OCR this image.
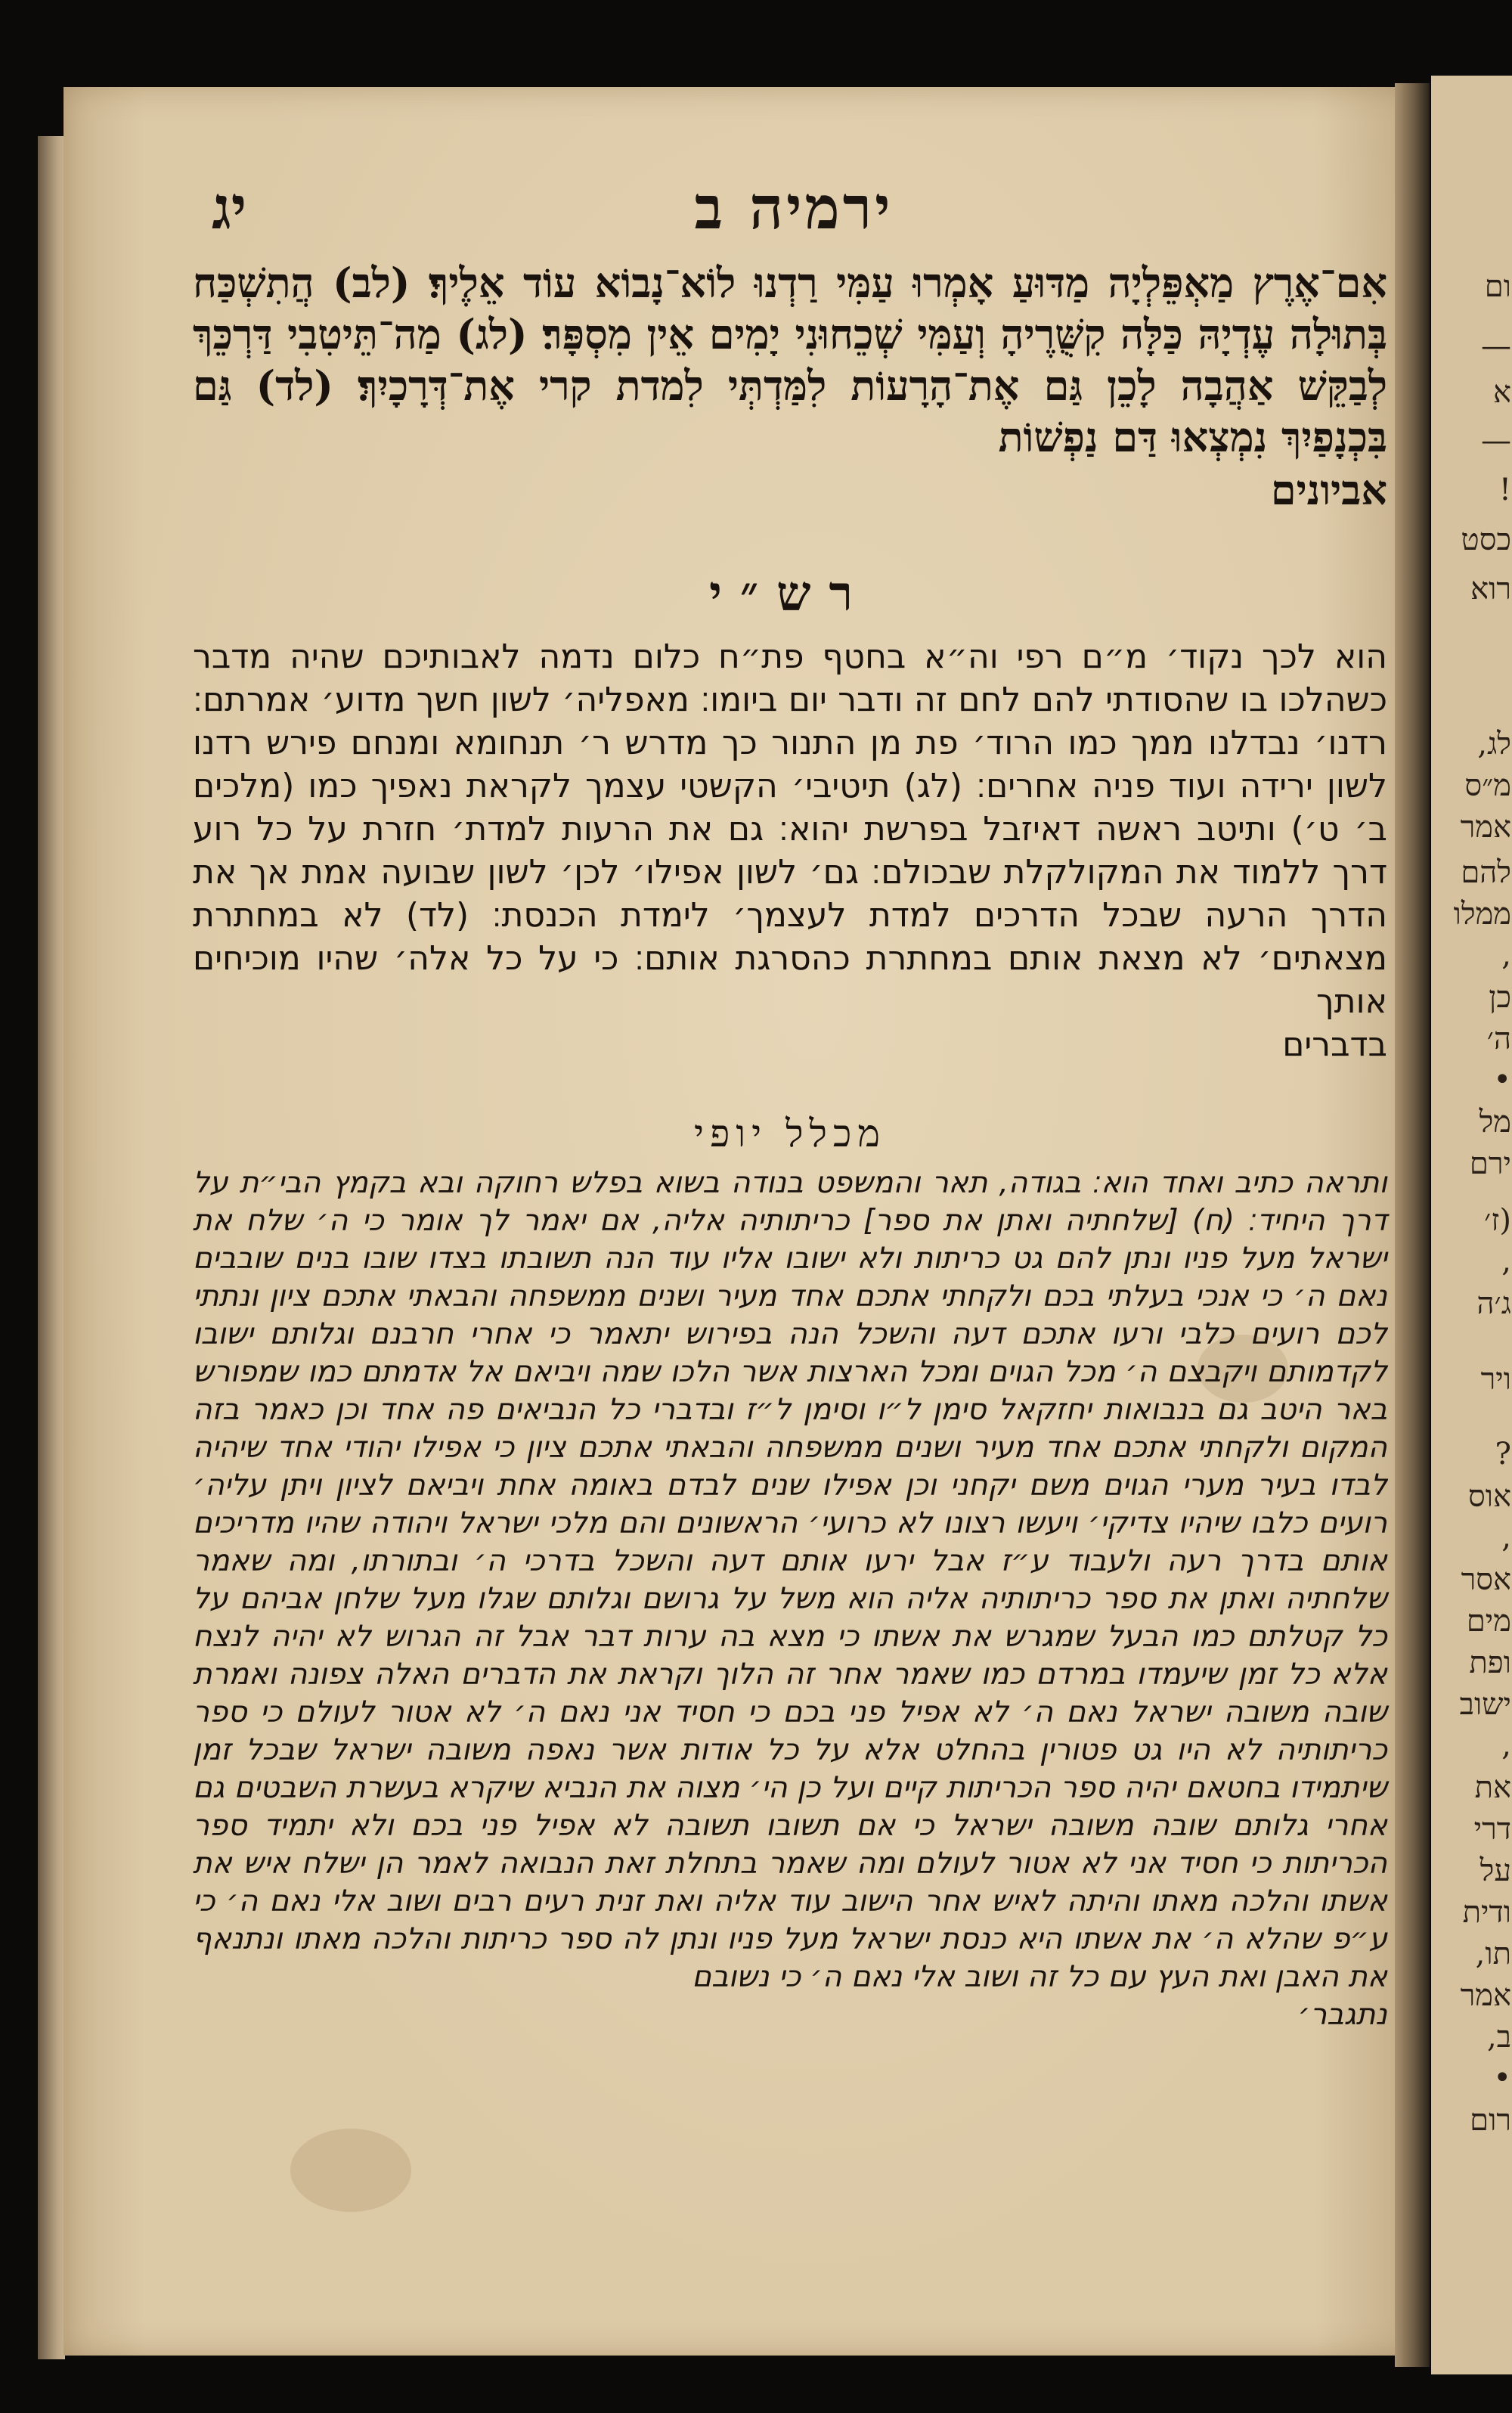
ום
—
א
—
!
כסט
רוא
לג,
מ״ס
אמר
להם
ממלו
,
כן
ה׳
•
מל
ירם
(ז׳
,
ג׳ה
ויר
?
אוס
,
אסר
מים
ופת
ישוב
,
את
דרי
על
ודית
תו,
אמר
ב,
•
רום
יג	ירמיה ב

אִם־אֶרֶץ מַאְפֵּלְיָה מַדּוּעַ אָמְרוּ עַמִּי רַדְנוּ לוֹא־נָבוֹא עוֹד אֵלֶיךָ׃ (לב) הֲתִשְׁכַּח בְּתוּלָה עֶדְיָהּ כַּלָּה קִשֻּׁרֶיהָ וְעַמִּי שְׁכֵחוּנִי יָמִים אֵין מִסְפָּר׃ (לג) מַה־תֵּיטִבִי דַּרְכֵּךְ לְבַקֵּשׁ אַהֲבָה לָכֵן גַּם אֶת־הָרָעוֹת לִמַּדְתְּי לִמדת קרי אֶת־דְּרָכָיִךְ׃ (לד) גַּם בִּכְנָפַיִךְ נִמְצְאוּ דַּם נַפְשׁוֹת

אביונים
רש״י
הוא לכך נקוד׳ מ״ם רפי וה״א בחטף פת״ח כלום נדמה לאבותיכם שהיה מדבר כשהלכו בו שהסודתי להם לחם זה ודבר יום ביומו׃ מאפליה׳ לשון חשך מדוע׳ אמרתם׃ רדנו׳ נבדלנו ממך כמו הרוד׳ פת מן התנור כך מדרש ר׳ תנחומא ומנחם פירש רדנו לשון ירידה ועוד פניה אחרים׃ (לג) תיטיבי׳ הקשטי עצמך לקראת נאפיך כמו (מלכים ב׳ ט׳) ותיטב ראשה דאיזבל בפרשת יהוא׃ גם את הרעות למדת׳ חזרת על כל רוע דרך ללמוד את המקולקלת שבכולם׃ גם׳ לשון אפילו׳ לכן׳ לשון שבועה אמת אך את הדרך הרעה שבכל הדרכים למדת לעצמך׳ לימדת הכנסת׃ (לד) לא במחתרת מצאתים׳ לא מצאת אותם במחתרת כהסרגת אותם׃ כי על כל אלה׳ שהיו מוכיחים אותך
בדברים
מכלל יופי
ותראה כתיב ואחד הוא׃ בגודה, תאר והמשפט בנודה בשוא בפלש רחוקה ובא בקמץ הבי״ת על דרך היחיד׃ (ח) [שלחתיה ואתן את ספר] כריתותיה אליה, אם יאמר לך אומר כי ה׳ שלח את ישראל מעל פניו ונתן להם גט כריתות ולא ישובו אליו עוד הנה תשובתו בצדו שובו בנים שובבים נאם ה׳ כי אנכי בעלתי בכם ולקחתי אתכם אחד מעיר ושנים ממשפחה והבאתי אתכם ציון ונתתי לכם רועים כלבי ורעו אתכם דעה והשכל הנה בפירוש יתאמר כי אחרי חרבנם וגלותם ישובו לקדמותם ויקבצם ה׳ מכל הגוים ומכל הארצות אשר הלכו שמה ויביאם אל אדמתם כמו שמפורש באר היטב גם בנבואות יחזקאל סימן ל״ו וסימן ל״ז ובדברי כל הנביאים פה אחד וכן כאמר בזה המקום ולקחתי אתכם אחד מעיר ושנים ממשפחה והבאתי אתכם ציון כי אפילו יהודי אחד שיהיה לבדו בעיר מערי הגוים משם יקחני וכן אפילו שנים לבדם באומה אחת ויביאם לציון ויתן עליה׳ רועים כלבו שיהיו צדיקי׳ ויעשו רצונו לא כרועי׳ הראשונים והם מלכי ישראל ויהודה שהיו מדריכים אותם בדרך רעה ולעבוד ע״ז אבל ירעו אותם דעה והשכל בדרכי ה׳ ובתורתו, ומה שאמר שלחתיה ואתן את ספר כריתותיה אליה הוא משל על גרושם וגלותם שגלו מעל שלחן אביהם על כל קטלתם כמו הבעל שמגרש את אשתו כי מצא בה ערות דבר אבל זה הגרוש לא יהיה לנצח אלא כל זמן שיעמדו במרדם כמו שאמר אחר זה הלוך וקראת את הדברים האלה צפונה ואמרת שובה משובה ישראל נאם ה׳ לא אפיל פני בכם כי חסיד אני נאם ה׳ לא אטור לעולם כי ספר כריתותיה לא היו גט פטורין בהחלט אלא על כל אודות אשר נאפה משובה ישראל שבכל זמן שיתמידו בחטאם יהיה ספר הכריתות קיים ועל כן הי׳ מצוה את הנביא שיקרא בעשרת השבטים גם אחרי גלותם שובה משובה ישראל כי אם תשובו תשובה לא אפיל פני בכם ולא יתמיד ספר הכריתות כי חסיד אני לא אטור לעולם ומה שאמר בתחלת זאת הנבואה לאמר הן ישלח איש את אשתו והלכה מאתו והיתה לאיש אחר הישוב עוד אליה ואת זנית רעים רבים ושוב אלי נאם ה׳ כי ע״פ שהלא ה׳ את אשתו היא כנסת ישראל מעל פניו ונתן לה ספר כריתות והלכה מאתו ונתנאף את האבן ואת העץ עם כל זה ושוב אלי נאם ה׳ כי נשובם
נתגבר׳
